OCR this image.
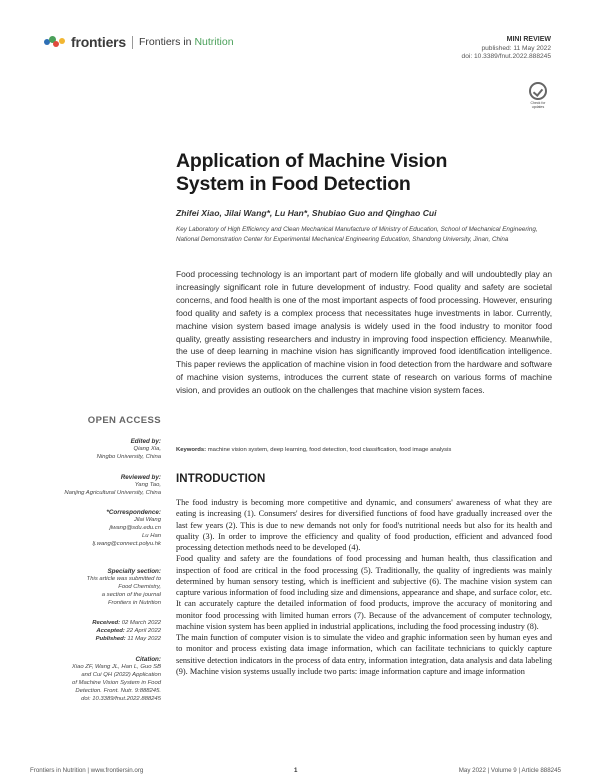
frontiers Frontiers in Nutrition	MINI REVIEW
published: 11 May 2022
doi: 10.3389/fnut.2022.888245
Check for
updates
Application of Machine Vision
System in Food Detection
Zhifei Xiao, Jilai Wang*, Lu Han*, Shubiao Guo and Qinghao Cui
Key Laboratory of High Efficiency and Clean Mechanical Manufacture of Ministry of Education, School of Mechanical Engineering, National Demonstration Center for Experimental Mechanical Engineering Education, Shandong University, Jinan, China
Food processing technology is an important part of modern life globally and will undoubtedly play an increasingly significant role in future development of industry. Food quality and safety are societal concerns, and food health is one of the most important aspects of food processing. However, ensuring food quality and safety is a complex process that necessitates huge investments in labor. Currently, machine vision system based image analysis is widely used in the food industry to monitor food quality, greatly assisting researchers and industry in improving food inspection efficiency. Meanwhile, the use of deep learning in machine vision has significantly improved food identification intelligence. This paper reviews the application of machine vision in food detection from the hardware and software of machine vision systems, introduces the current state of research on various forms of machine vision, and provides an outlook on the challenges that machine vision system faces.
Keywords: machine vision system, deep learning, food detection, food classification, food image analysis
INTRODUCTION

The food industry is becoming more competitive and dynamic, and consumers' awareness of what they are eating is increasing (1). Consumers' desires for diversified functions of food have gradually increased over the last few years (2). This is due to new demands not only for food's nutritional needs but also for its health and quality (3). In order to improve the efficiency and quality of food production, efficient and advanced food processing detection methods need to be developed (4).

Food quality and safety are the foundations of food processing and human health, thus classification and inspection of food are critical in the food processing (5). Traditionally, the quality of ingredients was mainly determined by human sensory testing, which is inefficient and subjective (6). The machine vision system can capture various information of food including size and dimensions, appearance and shape, and surface color, etc. It can accurately capture the detailed information of food products, improve the accuracy of monitoring and monitor food processing with limited human errors (7). Because of the advancement of computer technology, machine vision system has been applied in industrial applications, including the food processing industry (8).

The main function of computer vision is to simulate the video and graphic information seen by human eyes and to monitor and process existing data image information, which can facilitate technicians to quickly capture sensitive detection indicators in the process of data entry, information integration, data analysis and data labeling (9). Machine vision systems usually include two parts: image information capture and image information

OPEN ACCESS
Edited by:
Qiang Xia,
Ningbo University, China
Reviewed by:
Yang Tao,
Nanjing Agricultural University, China
*Correspondence:
Jilai Wang
jlwang@sdu.edu.cn
Lu Han
lj.wang@connect.polyu.hk
Specialty section:
This article was submitted to
Food Chemistry,
a section of the journal
Frontiers in Nutrition
Received: 02 March 2022
Accepted: 22 April 2022
Published: 11 May 2022
Citation:
Xiao ZF, Wang JL, Han L, Guo SB
and Cui QH (2022) Application
of Machine Vision System in Food
Detection. Front. Nutr. 9:888245.
doi: 10.3389/fnut.2022.888245
Frontiers in Nutrition | www.frontiersin.org	1	May 2022 | Volume 9 | Article 888245
